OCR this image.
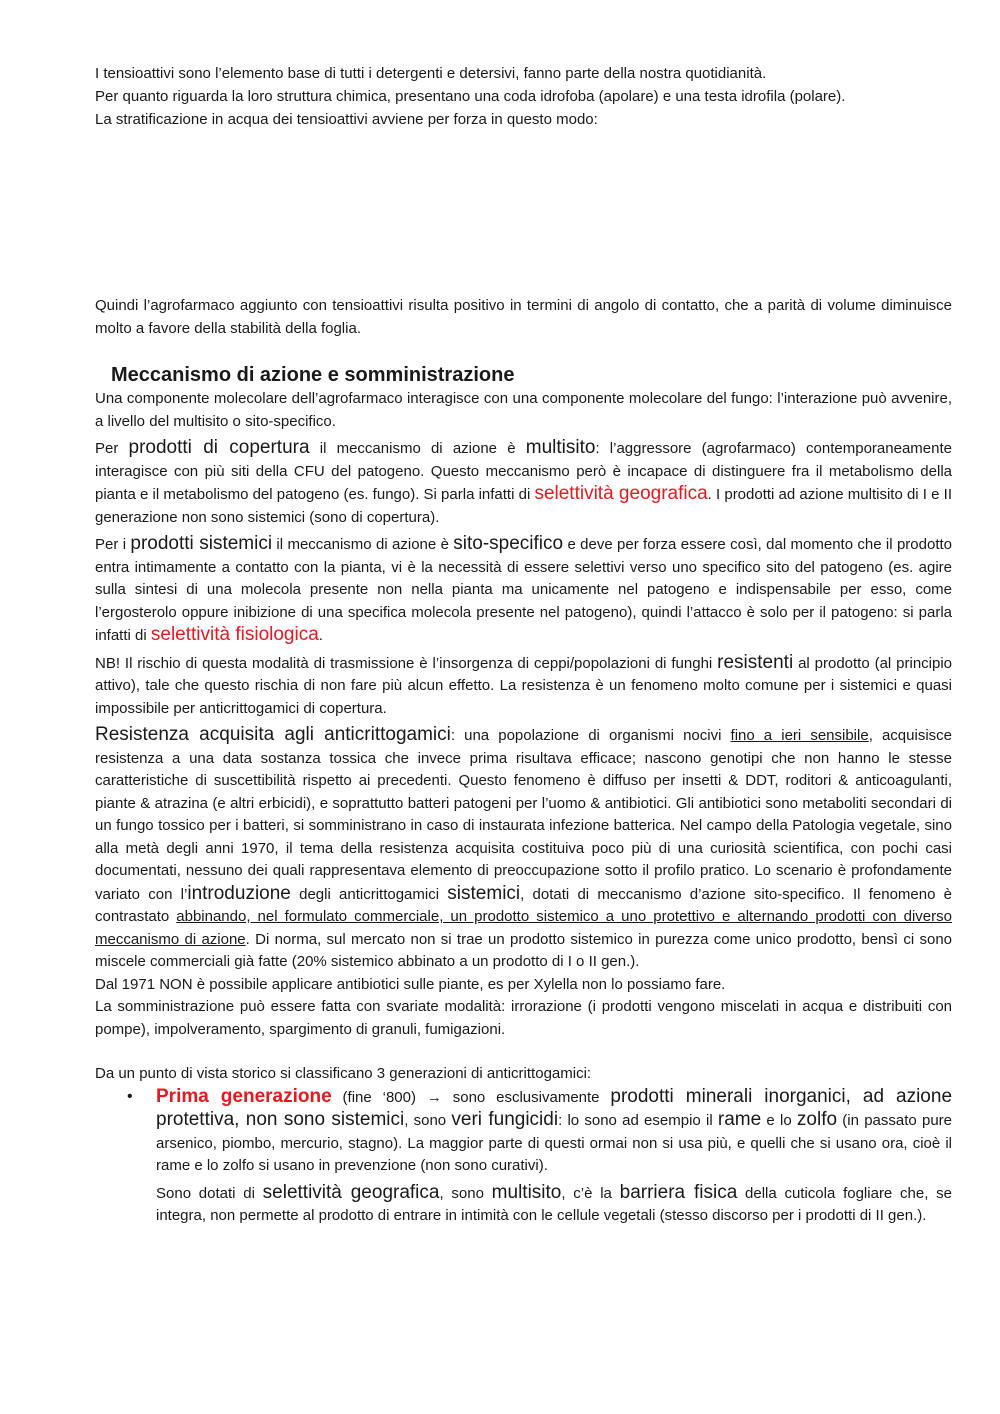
I tensioattivi sono l’elemento base di tutti i detergenti e detersivi, fanno parte della nostra quotidianità.

Per quanto riguarda la loro struttura chimica, presentano una coda idrofoba (apolare) e una testa idrofila (polare).

La stratificazione in acqua dei tensioattivi avviene per forza in questo modo:

Quindi l’agrofarmaco aggiunto con tensioattivi risulta positivo in termini di angolo di contatto, che a parità di volume diminuisce molto a favore della stabilità della foglia.

Meccanismo di azione e somministrazione

Una componente molecolare dell’agrofarmaco interagisce con una componente molecolare del fungo: l’interazione può avvenire, a livello del multisito o sito-specifico.

Per prodotti di copertura il meccanismo di azione è multisito: l’aggressore (agrofarmaco) contemporaneamente interagisce con più siti della CFU del patogeno. Questo meccanismo però è incapace di distinguere fra il metabolismo della pianta e il metabolismo del patogeno (es. fungo). Si parla infatti di selettività geografica. I prodotti ad azione multisito di I e II generazione non sono sistemici (sono di copertura).

Per i prodotti sistemici il meccanismo di azione è sito-specifico e deve per forza essere così, dal momento che il prodotto entra intimamente a contatto con la pianta, vi è la necessità di essere selettivi verso uno specifico sito del patogeno (es. agire sulla sintesi di una molecola presente non nella pianta ma unicamente nel patogeno e indispensabile per esso, come l’ergosterolo oppure inibizione di una specifica molecola presente nel patogeno), quindi l’attacco è solo per il patogeno: si parla infatti di selettività fisiologica.

NB! Il rischio di questa modalità di trasmissione è l’insorgenza di ceppi/popolazioni di funghi resistenti al prodotto (al principio attivo), tale che questo rischia di non fare più alcun effetto. La resistenza è un fenomeno molto comune per i sistemici e quasi impossibile per anticrittogamici di copertura.

Resistenza acquisita agli anticrittogamici: una popolazione di organismi nocivi fino a ieri sensibile, acquisisce resistenza a una data sostanza tossica che invece prima risultava efficace; nascono genotipi che non hanno le stesse caratteristiche di suscettibilità rispetto ai precedenti. Questo fenomeno è diffuso per insetti & DDT, roditori & anticoagulanti, piante & atrazina (e altri erbicidi), e soprattutto batteri patogeni per l’uomo & antibiotici. Gli antibiotici sono metaboliti secondari di un fungo tossico per i batteri, si somministrano in caso di instaurata infezione batterica. Nel campo della Patologia vegetale, sino alla metà degli anni 1970, il tema della resistenza acquisita costituiva poco più di una curiosità scientifica, con pochi casi documentati, nessuno dei quali rappresentava elemento di preoccupazione sotto il profilo pratico. Lo scenario è profondamente variato con l’introduzione degli anticrittogamici sistemici, dotati di meccanismo d’azione sito-specifico. Il fenomeno è contrastato abbinando, nel formulato commerciale, un prodotto sistemico a uno protettivo e alternando prodotti con diverso meccanismo di azione. Di norma, sul mercato non si trae un prodotto sistemico in purezza come unico prodotto, bensì ci sono miscele commerciali già fatte (20% sistemico abbinato a un prodotto di I o II gen.).

Dal 1971 NON è possibile applicare antibiotici sulle piante, es per Xylella non lo possiamo fare.

La somministrazione può essere fatta con svariate modalità: irrorazione (i prodotti vengono miscelati in acqua e distribuiti con pompe), impolveramento, spargimento di granuli, fumigazioni.

Da un punto di vista storico si classificano 3 generazioni di anticrittogamici:

• Prima generazione (fine ‘800) → sono esclusivamente prodotti minerali inorganici, ad azione protettiva, non sono sistemici, sono veri fungicidi: lo sono ad esempio il rame e lo zolfo (in passato pure arsenico, piombo, mercurio, stagno). La maggior parte di questi ormai non si usa più, e quelli che si usano ora, cioè il rame e lo zolfo si usano in prevenzione (non sono curativi).

Sono dotati di selettività geografica, sono multisito, c’è la barriera fisica della cuticola fogliare che, se integra, non permette al prodotto di entrare in intimità con le cellule vegetali (stesso discorso per i prodotti di II gen.).
